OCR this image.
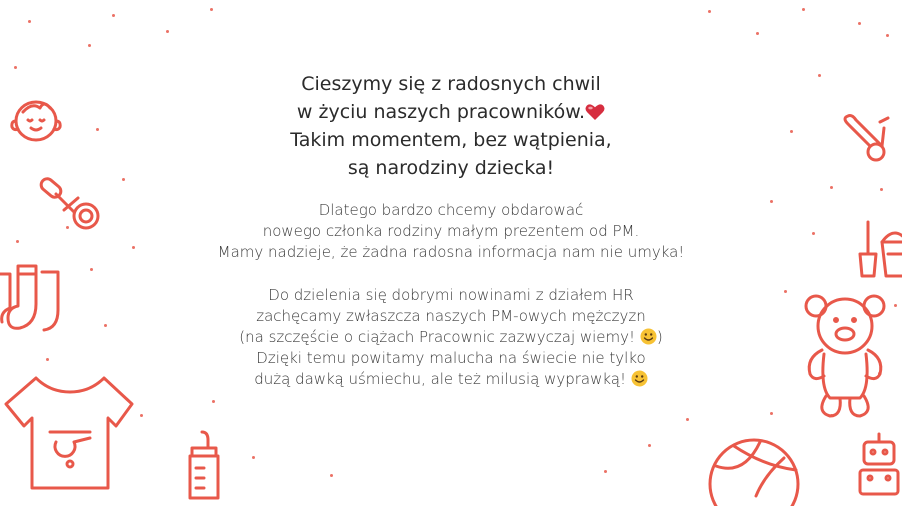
Cieszymy się z radosnych chwil
w życiu naszych pracowników.
Takim momentem, bez wątpienia,
są narodziny dziecka!

Dlatego bardzo chcemy obdarować
nowego członka rodziny małym prezentem od PM.
Mamy nadzieje, że żadna radosna informacja nam nie umyka!

Do dzielenia się dobrymi nowinami z działem HR
zachęcamy zwłaszcza naszych PM-owych mężczyzn
(na szczęście o ciążach Pracownic zazwyczaj wiemy! )
Dzięki temu powitamy malucha na świecie nie tylko
dużą dawką uśmiechu, ale też milusią wyprawką!
